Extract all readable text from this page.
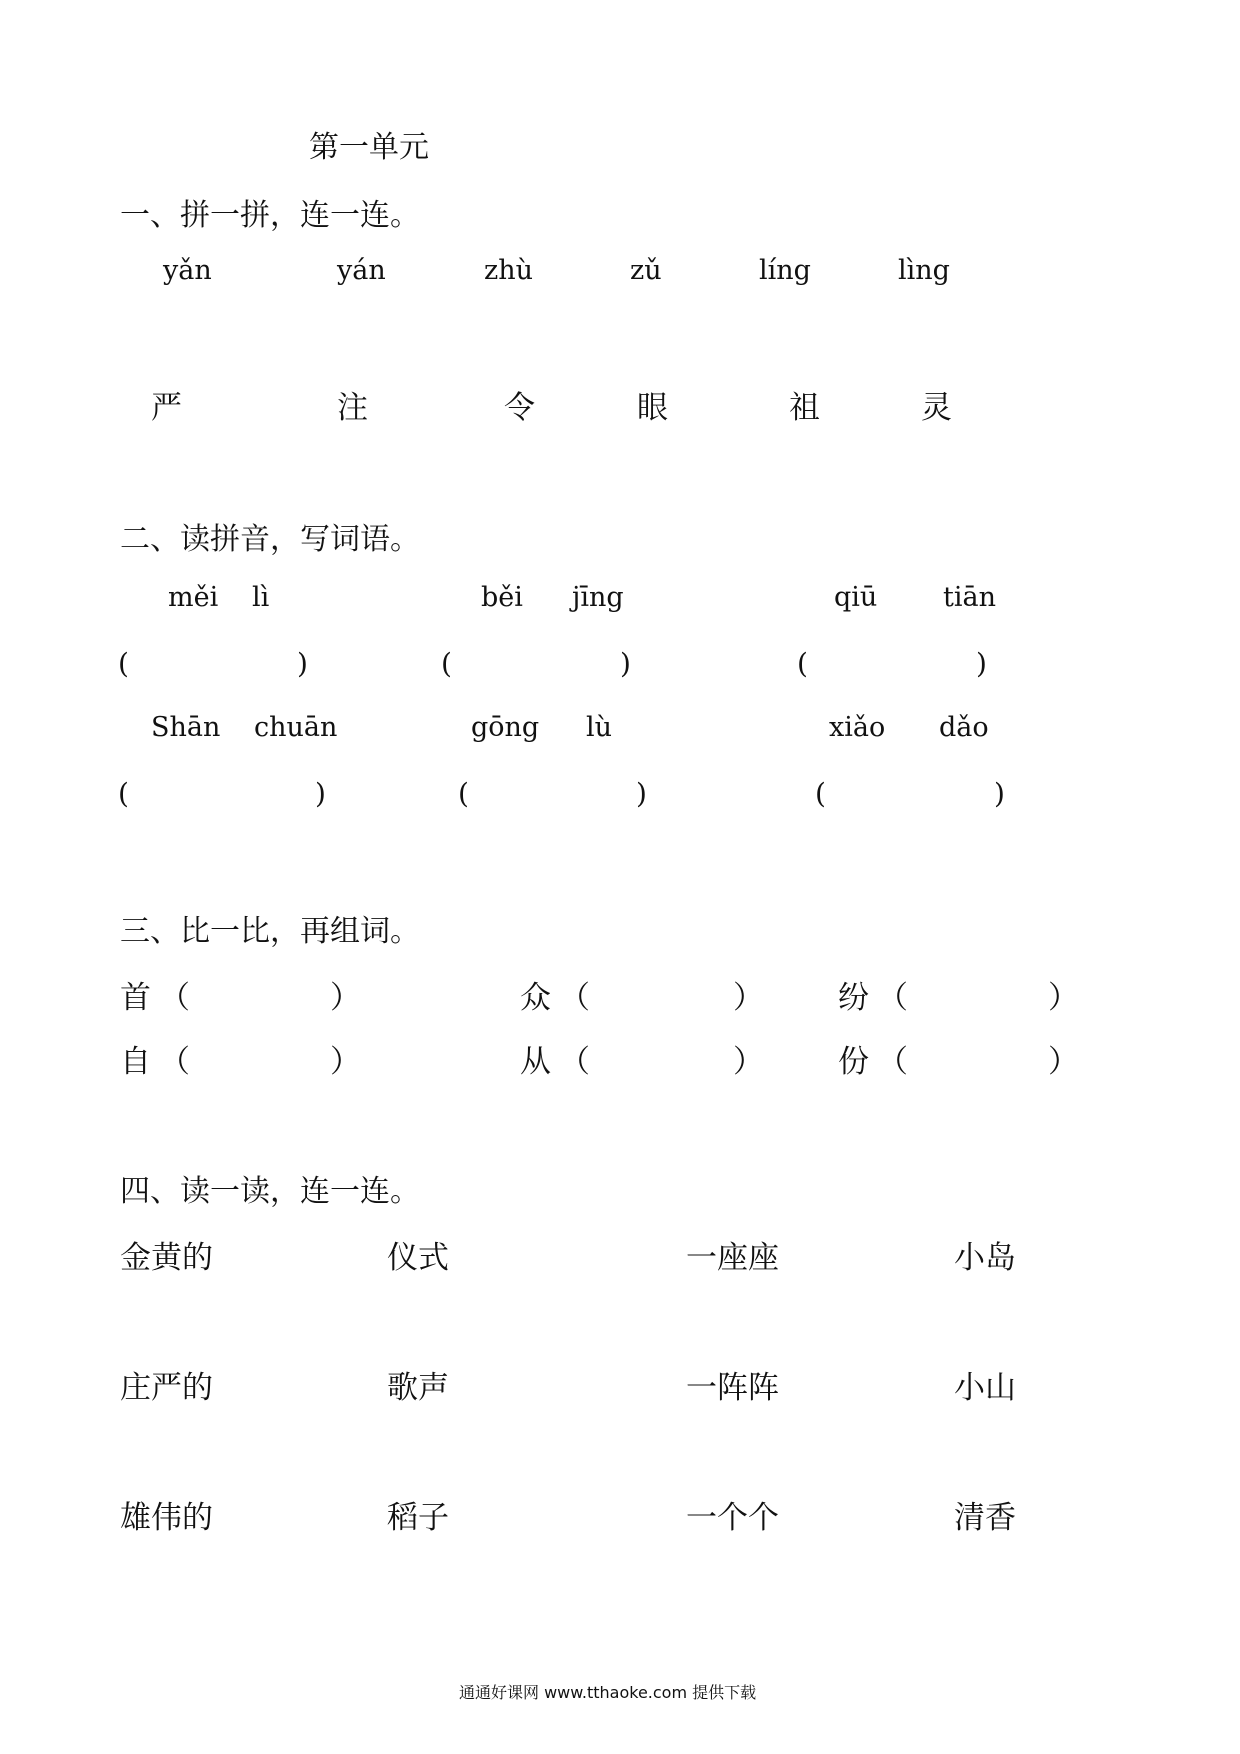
第一单元
一、拼一拼，连一连。
yǎn	yán	zhù	zǔ	líng	lìng
严	注	令	眼	祖	灵
二、读拼音，写词语。
měi lì	běi jīng	qiū tiān
(	)	(	)	(	)
Shān chuān	gōng lù	xiǎo dǎo
(	)	(	)	(	)
三、比一比，再组词。
首 （	）	众 （	） 纷 （	）
自 （	）	从 （	） 份 （	）
四、读一读，连一连。
金黄的	仪式	一座座	小岛
庄严的	歌声	一阵阵	小山
雄伟的	稻子	一个个	清香
通通好课网 www.tthaoke.com 提供下载
